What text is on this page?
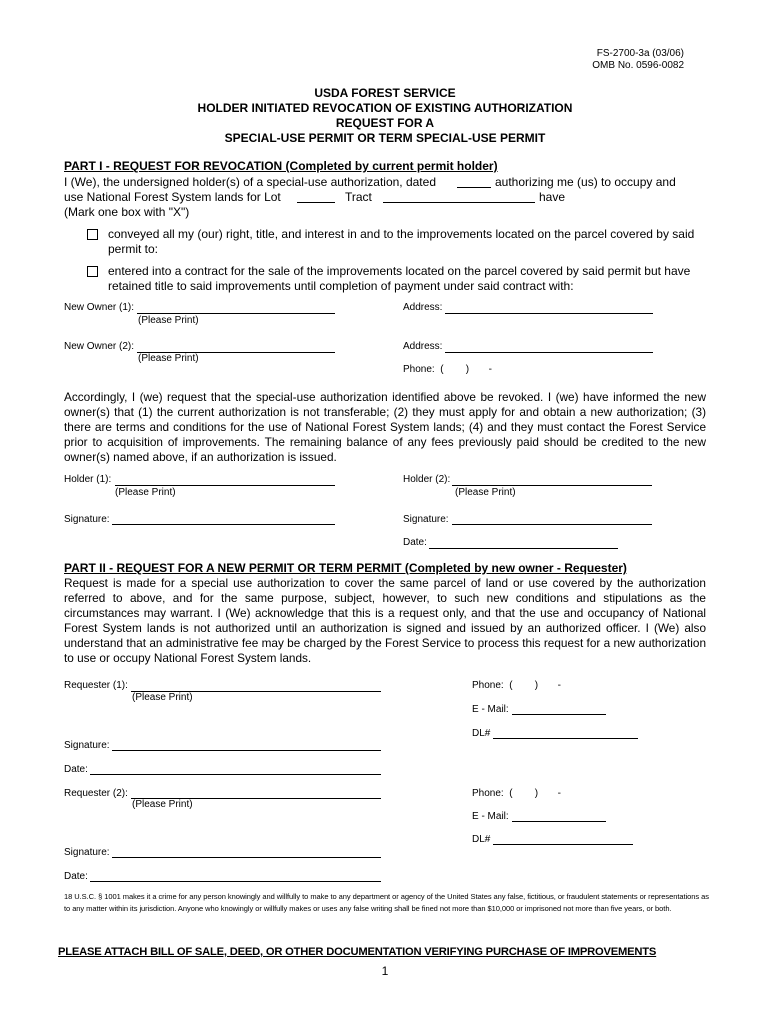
FS-2700-3a (03/06)
OMB No. 0596-0082
USDA FOREST SERVICE
HOLDER INITIATED REVOCATION OF EXISTING AUTHORIZATION
REQUEST FOR A
SPECIAL-USE PERMIT OR TERM SPECIAL-USE PERMIT
PART I - REQUEST FOR REVOCATION (Completed by current permit holder)
I (We), the undersigned holder(s) of a special-use authorization, dated	authorizing me (us) to occupy and
use National Forest System lands for Lot	Tract	have
(Mark one box with "X")
conveyed all my (our) right, title, and interest in and to the improvements located on the parcel covered by said permit to:
entered into a contract for the sale of the improvements located on the parcel covered by said permit but have retained title to said improvements until completion of payment under said contract with:
New Owner (1):
(Please Print)
Address:
New Owner (2):
(Please Print)
Address:
Phone:  (        )       -
Accordingly, I (we) request that the special-use authorization identified above be revoked. I (we) have informed the new owner(s) that (1) the current authorization is not transferable; (2) they must apply for and obtain a new authorization; (3) there are terms and conditions for the use of National Forest System lands; (4) and they must contact the Forest Service prior to acquisition of improvements. The remaining balance of any fees previously paid should be credited to the new owner(s) named above, if an authorization is issued.
Holder (1):
(Please Print)
Holder (2):
(Please Print)
Signature:	Signature:
Date:
PART II - REQUEST FOR A NEW PERMIT OR TERM PERMIT (Completed by new owner - Requester)
Request is made for a special use authorization to cover the same parcel of land or use covered by the authorization referred to above, and for the same purpose, subject, however, to such new conditions and stipulations as the circumstances may warrant. I (We) acknowledge that this is a request only, and that the use and occupancy of National Forest System lands is not authorized until an authorization is signed and issued by an authorized officer. I (We) also understand that an administrative fee may be charged by the Forest Service to process this request for a new authorization to use or occupy National Forest System lands.
Requester (1):
(Please Print)
Phone:  (        )       -
E - Mail:
DL#
Signature:
Date:
Requester (2):
(Please Print)
Phone:  (        )       -
E - Mail:
DL#
Signature:
Date:
18 U.S.C. § 1001 makes it a crime for any person knowingly and willfully to make to any department or agency of the United States any false, fictitious, or fraudulent statements or representations as to any matter within its jurisdiction. Anyone who knowingly or willfully makes or uses any false writing shall be fined not more than $10,000 or imprisoned not more than five years, or both.
PLEASE ATTACH BILL OF SALE, DEED, OR OTHER DOCUMENTATION VERIFYING PURCHASE OF IMPROVEMENTS
1
